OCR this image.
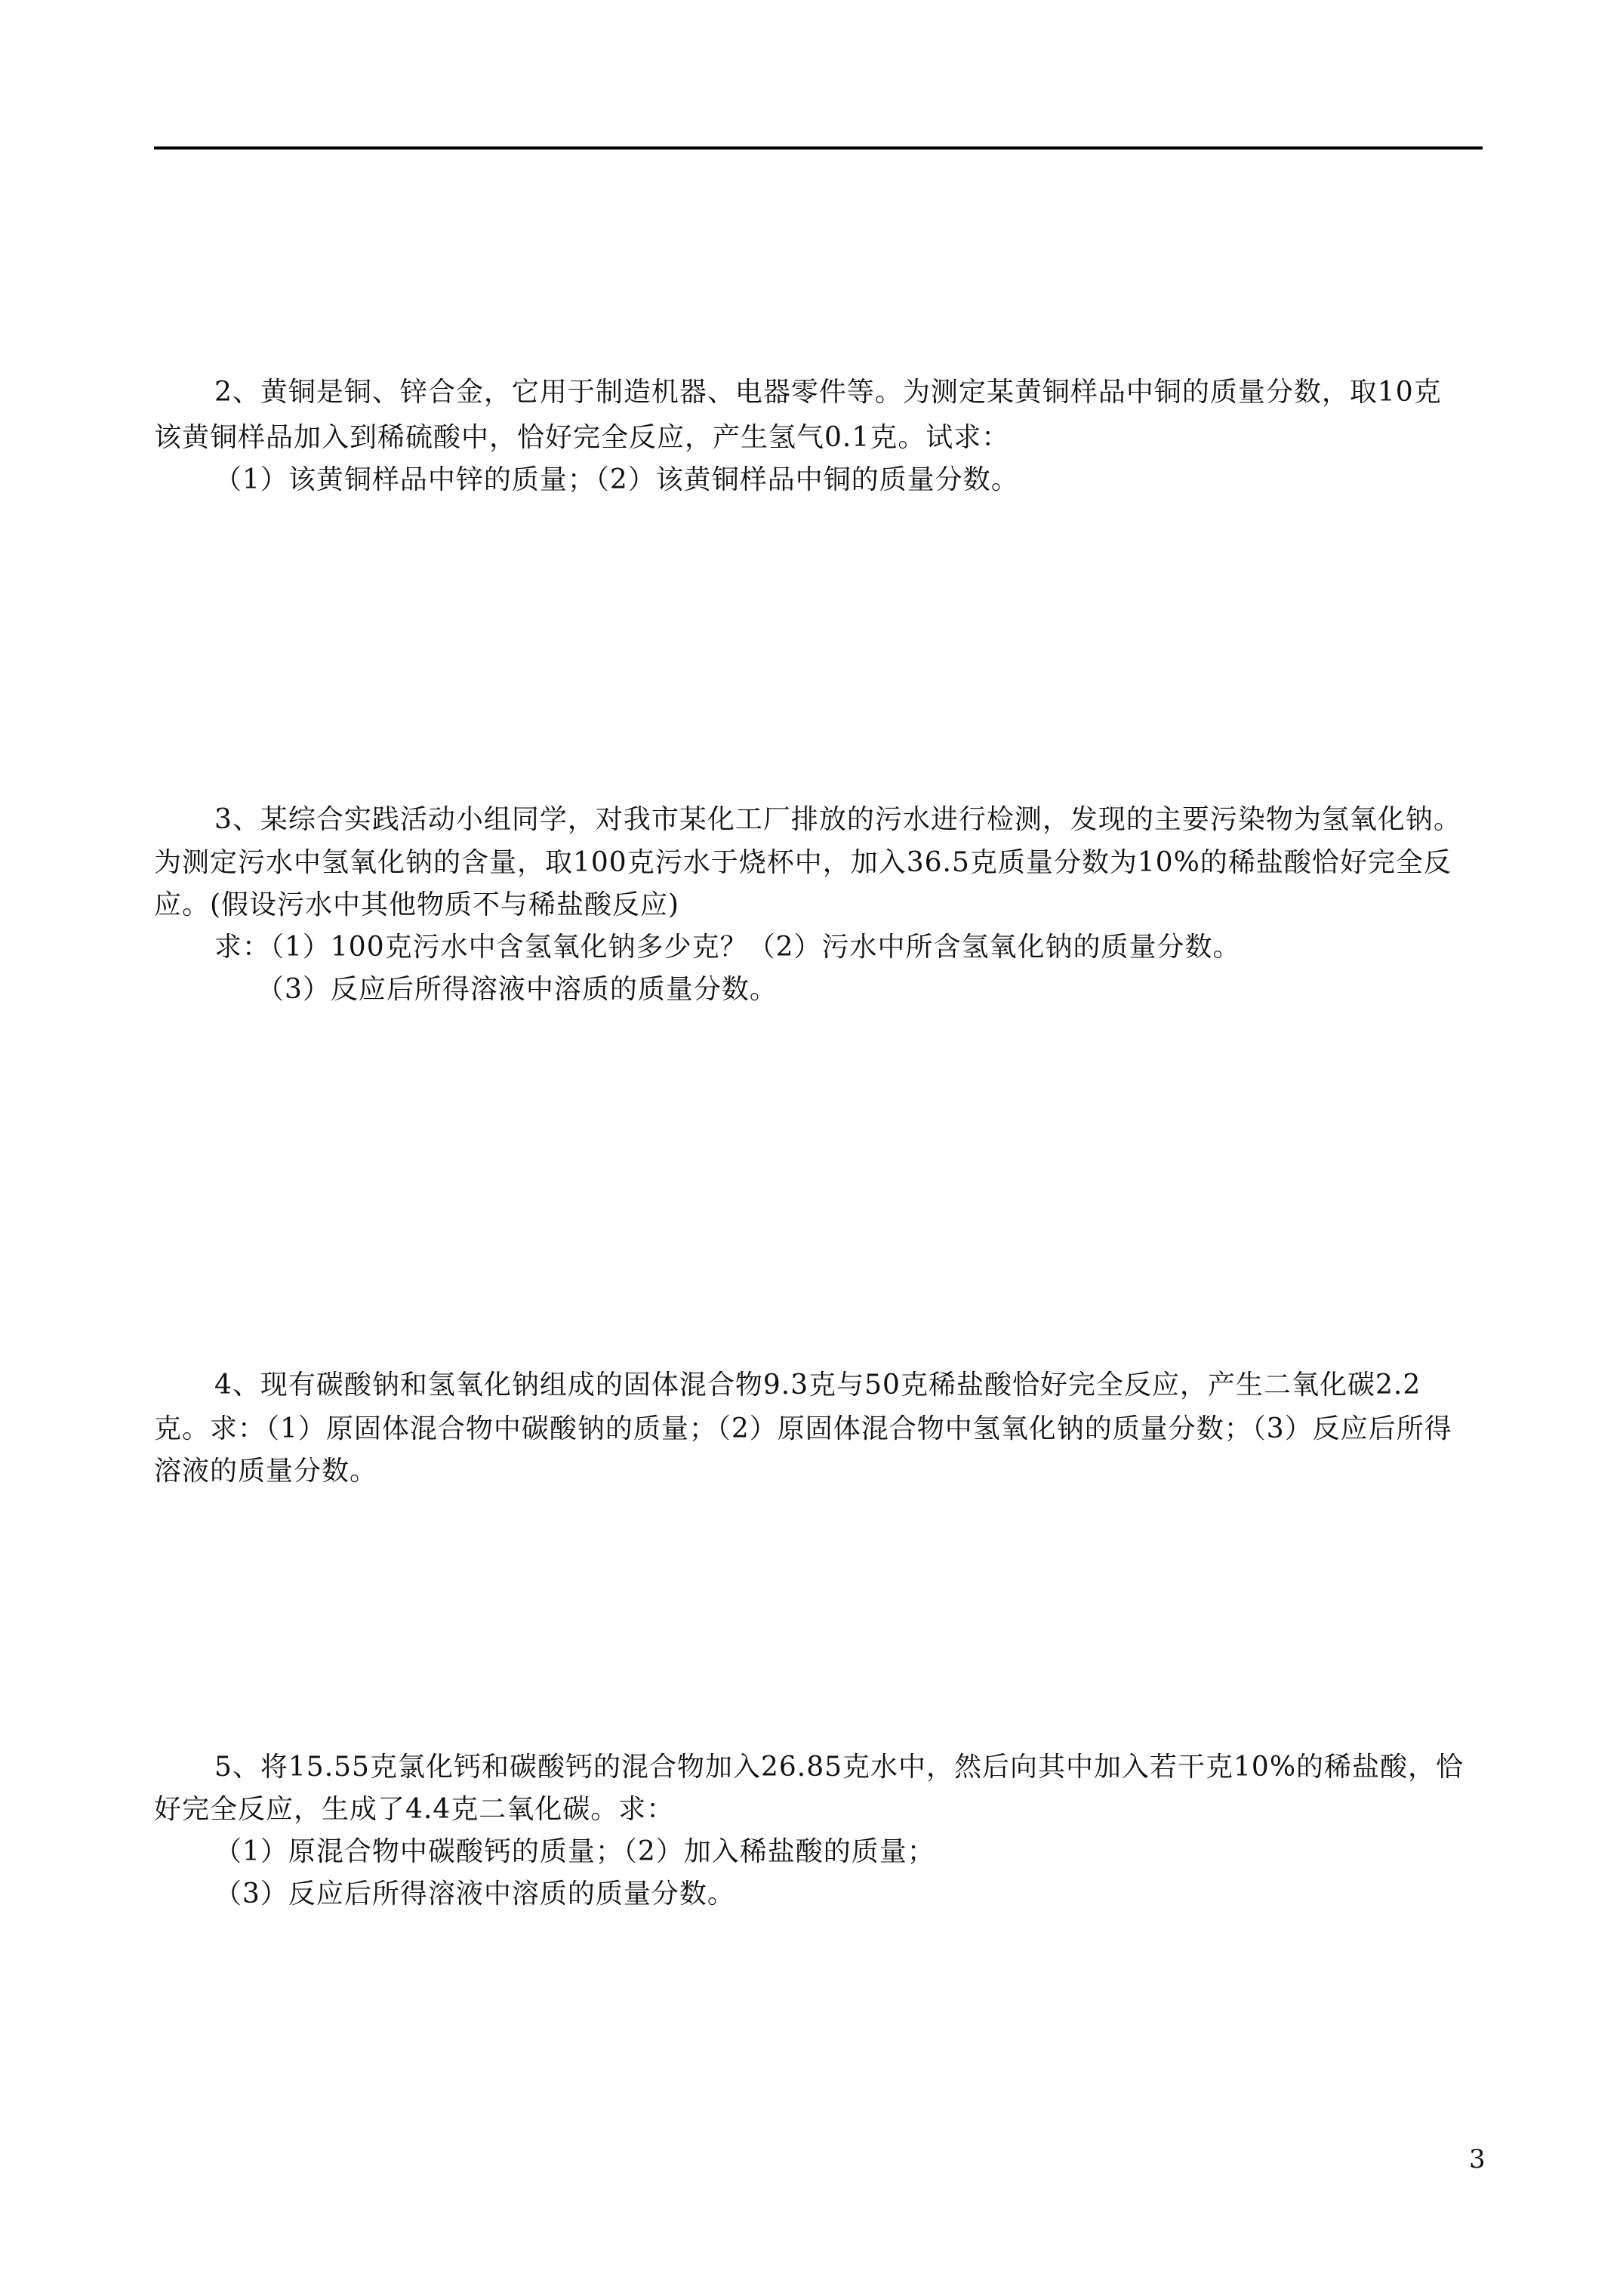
2、黄铜是铜、锌合金，它用于制造机器、电器零件等。为测定某黄铜样品中铜的质量分数，取10克
该黄铜样品加入到稀硫酸中，恰好完全反应，产生氢气0.1克。试求：
（1）该黄铜样品中锌的质量；（2）该黄铜样品中铜的质量分数。
3、某综合实践活动小组同学，对我市某化工厂排放的污水进行检测，发现的主要污染物为氢氧化钠。
为测定污水中氢氧化钠的含量，取100克污水于烧杯中，加入36.5克质量分数为10%的稀盐酸恰好完全反
应。(假设污水中其他物质不与稀盐酸反应)
求：（1）100克污水中含氢氧化钠多少克？（2）污水中所含氢氧化钠的质量分数。
（3）反应后所得溶液中溶质的质量分数。
4、现有碳酸钠和氢氧化钠组成的固体混合物9.3克与50克稀盐酸恰好完全反应，产生二氧化碳2.2
克。求：（1）原固体混合物中碳酸钠的质量；（2）原固体混合物中氢氧化钠的质量分数；（3）反应后所得
溶液的质量分数。
5、将15.55克氯化钙和碳酸钙的混合物加入26.85克水中，然后向其中加入若干克10%的稀盐酸，恰
好完全反应，生成了4.4克二氧化碳。求：
（1）原混合物中碳酸钙的质量；（2）加入稀盐酸的质量；
（3）反应后所得溶液中溶质的质量分数。
3
